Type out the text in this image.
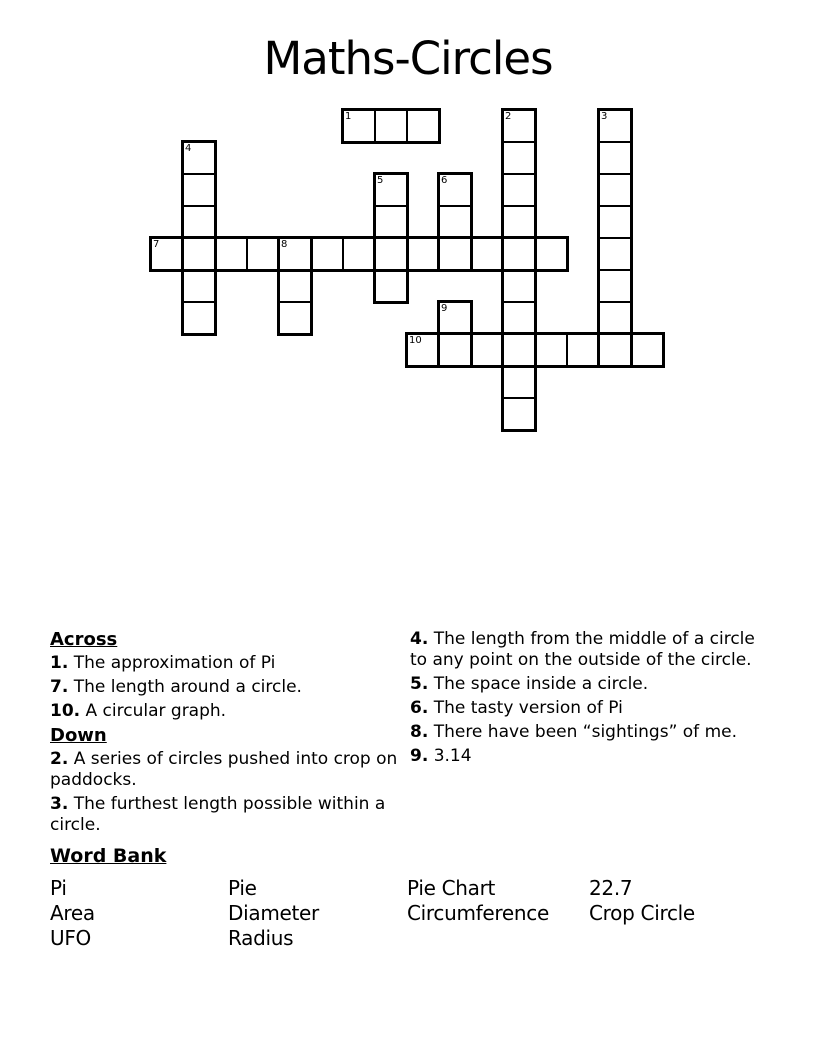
Maths-Circles
1	2	3
4
5	6
7	8
9
10
Across
1. The approximation of Pi
7. The length around a circle.
10. A circular graph.
Down
2. A series of circles pushed into crop on paddocks.
3. The furthest length possible within a circle.
4. The length from the middle of a circle to any point on the outside of the circle.
5. The space inside a circle.
6. The tasty version of Pi
8. There have been “sightings” of me.
9. 3.14
Word Bank
Pi	Pie	Pie Chart	22.7
Area	Diameter	Circumference	Crop Circle
UFO	Radius
